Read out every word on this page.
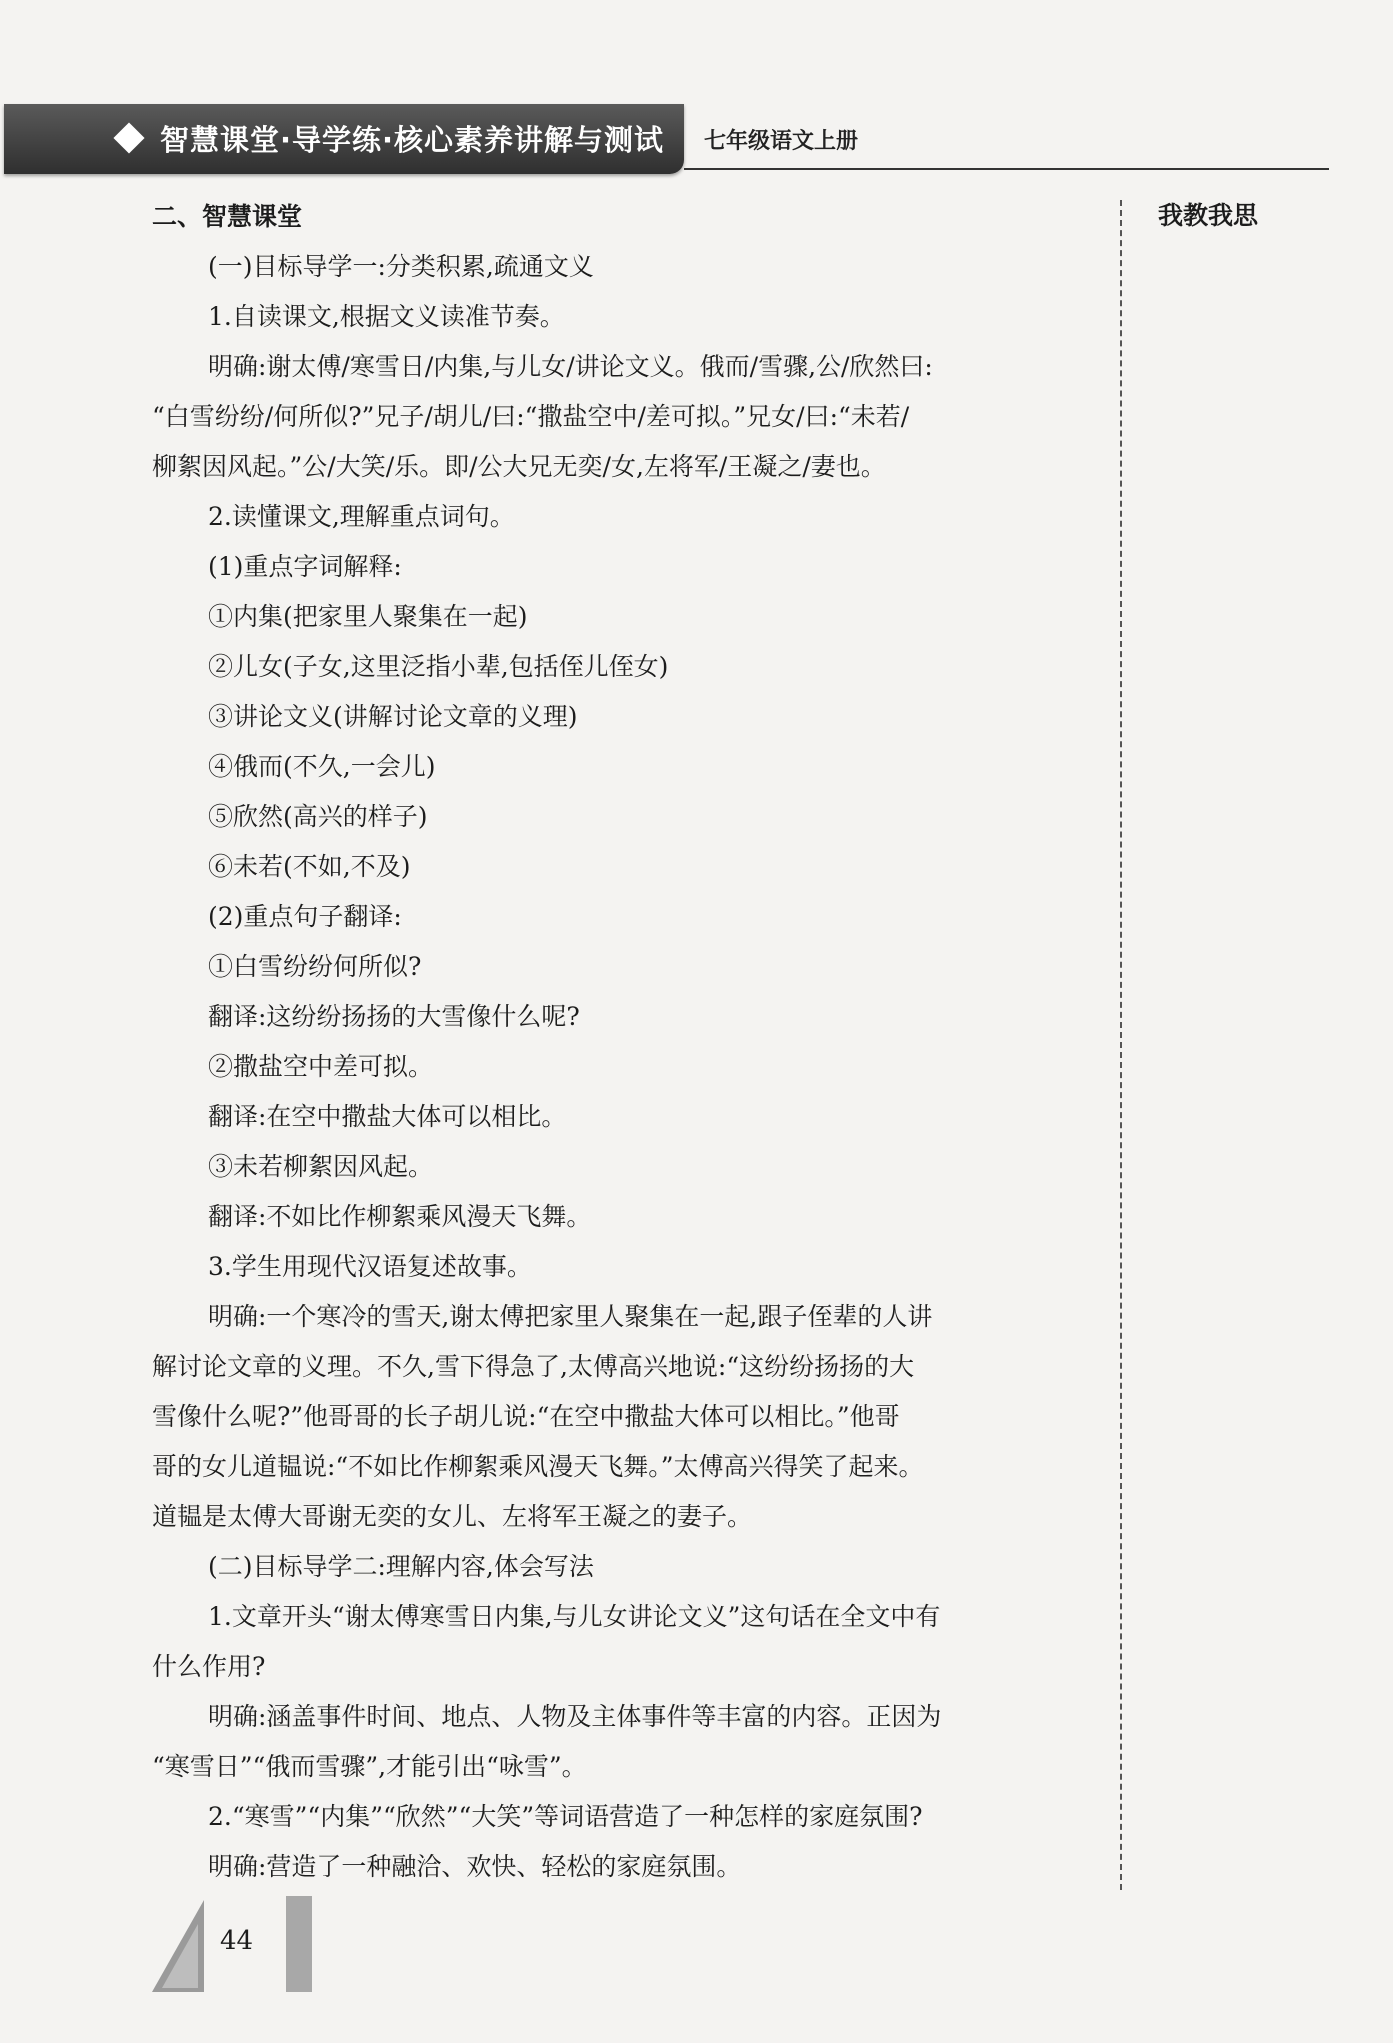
智慧课堂·导学练·核心素养讲解与测试 七年级语文上册
我教我思
二、智慧课堂
(一)目标导学一:分类积累,疏通文义
1.自读课文,根据文义读准节奏。
明确:谢太傅/寒雪日/内集,与儿女/讲论文义。俄而/雪骤,公/欣然曰:
“白雪纷纷/何所似?”兄子/胡儿/曰:“撒盐空中/差可拟。”兄女/曰:“未若/
柳絮因风起。”公/大笑/乐。即/公大兄无奕/女,左将军/王凝之/妻也。
2.读懂课文,理解重点词句。
(1)重点字词解释:
①内集(把家里人聚集在一起)
②儿女(子女,这里泛指小辈,包括侄儿侄女)
③讲论文义(讲解讨论文章的义理)
④俄而(不久,一会儿)
⑤欣然(高兴的样子)
⑥未若(不如,不及)
(2)重点句子翻译:
①白雪纷纷何所似?
翻译:这纷纷扬扬的大雪像什么呢?
②撒盐空中差可拟。
翻译:在空中撒盐大体可以相比。
③未若柳絮因风起。
翻译:不如比作柳絮乘风漫天飞舞。
3.学生用现代汉语复述故事。
明确:一个寒冷的雪天,谢太傅把家里人聚集在一起,跟子侄辈的人讲
解讨论文章的义理。不久,雪下得急了,太傅高兴地说:“这纷纷扬扬的大
雪像什么呢?”他哥哥的长子胡儿说:“在空中撒盐大体可以相比。”他哥
哥的女儿道韫说:“不如比作柳絮乘风漫天飞舞。”太傅高兴得笑了起来。
道韫是太傅大哥谢无奕的女儿、左将军王凝之的妻子。
(二)目标导学二:理解内容,体会写法
1.文章开头“谢太傅寒雪日内集,与儿女讲论文义”这句话在全文中有
什么作用?
明确:涵盖事件时间、地点、人物及主体事件等丰富的内容。正因为
“寒雪日”“俄而雪骤”,才能引出“咏雪”。
2.“寒雪”“内集”“欣然”“大笑”等词语营造了一种怎样的家庭氛围?
明确:营造了一种融洽、欢快、轻松的家庭氛围。
44
